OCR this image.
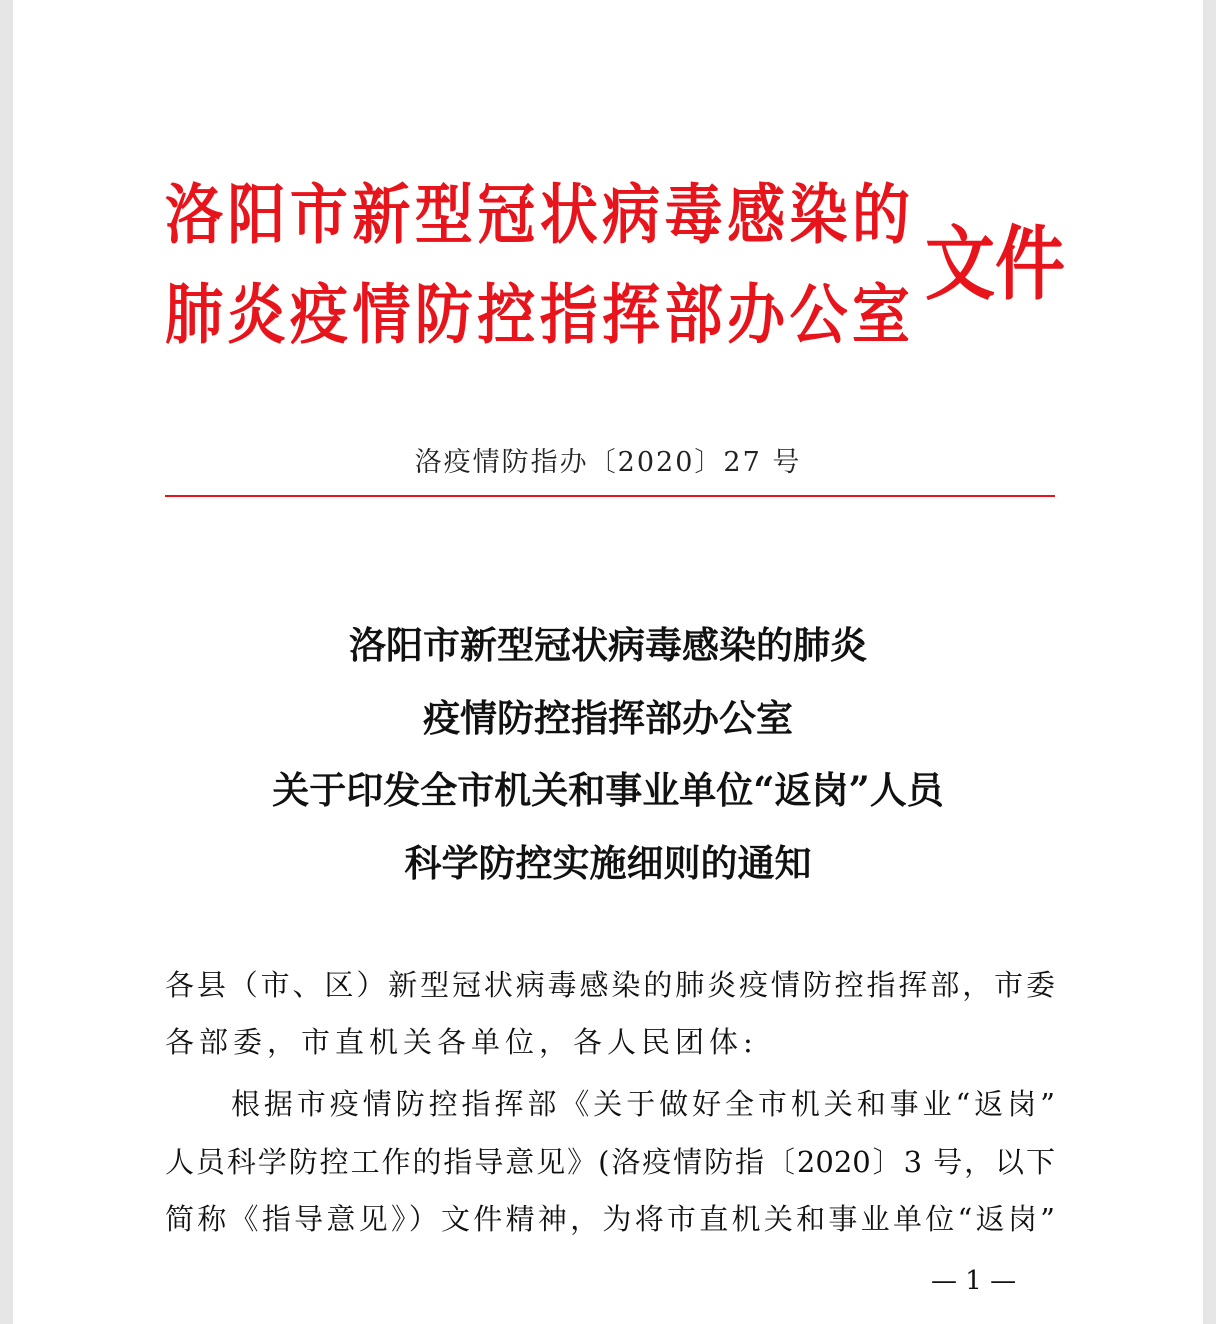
洛阳市新型冠状病毒感染的
肺炎疫情防控指挥部办公室
文件
洛疫情防指办〔2020〕27 号
洛阳市新型冠状病毒感染的肺炎
疫情防控指挥部办公室
关于印发全市机关和事业单位“返岗”人员
科学防控实施细则的通知
各县（市、区）新型冠状病毒感染的肺炎疫情防控指挥部，市委
各部委，市直机关各单位，各人民团体:
根据市疫情防控指挥部《关于做好全市机关和事业“返岗”
人员科学防控工作的指导意见》(洛疫情防指〔2020〕3 号，以下
简称《指导意见》）文件精神，为将市直机关和事业单位“返岗”
— 1 —
